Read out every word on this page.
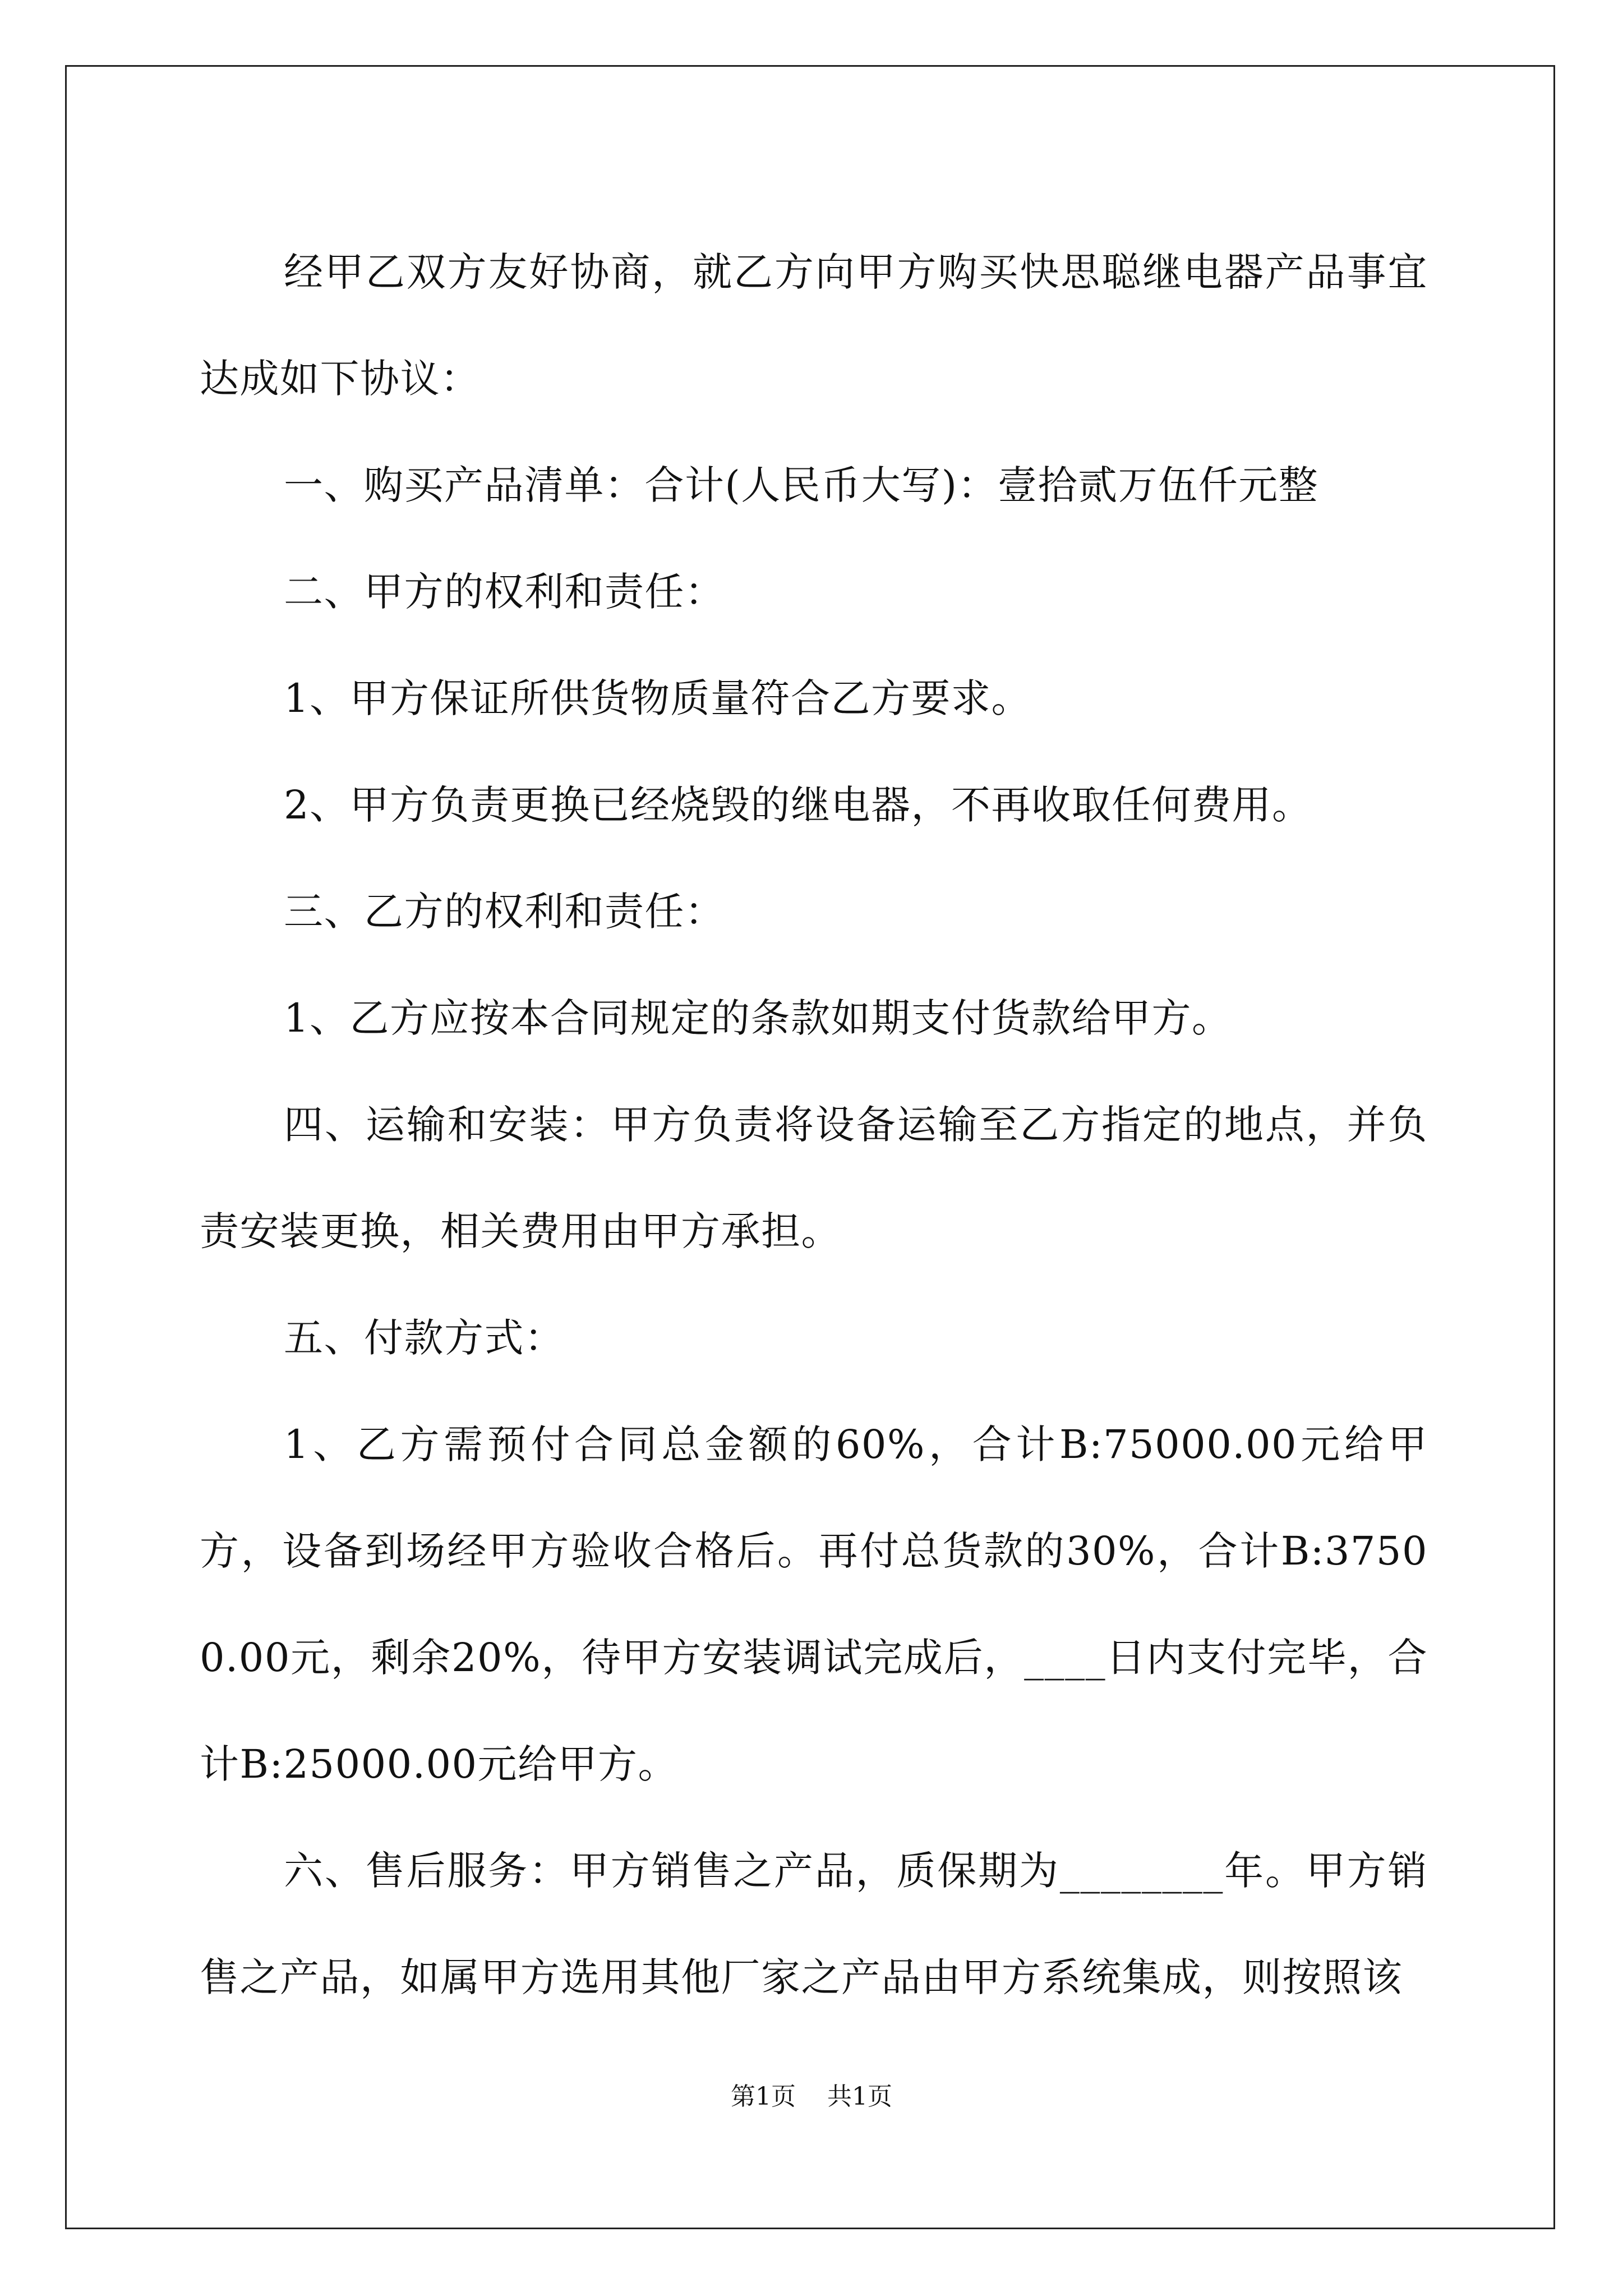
经甲乙双方友好协商，就乙方向甲方购买快思聪继电器产品事宜达成如下协议：

一、购买产品清单：合计(人民币大写)：壹拾贰万伍仟元整

二、甲方的权利和责任：

1、甲方保证所供货物质量符合乙方要求。

2、甲方负责更换已经烧毁的继电器，不再收取任何费用。

三、乙方的权利和责任：

1、乙方应按本合同规定的条款如期支付货款给甲方。

四、运输和安装：甲方负责将设备运输至乙方指定的地点，并负责安装更换，相关费用由甲方承担。

五、付款方式：

1、乙方需预付合同总金额的60%，合计B:75000.00元给甲方，设备到场经甲方验收合格后。再付总货款的30%，合计B:37500.00元，剩余20%，待甲方安装调试完成后，____日内支付完毕，合计B:25000.00元给甲方。

六、售后服务：甲方销售之产品，质保期为________年。甲方销售之产品，如属甲方选用其他厂家之产品由甲方系统集成，则按照该

第1页 共1页
